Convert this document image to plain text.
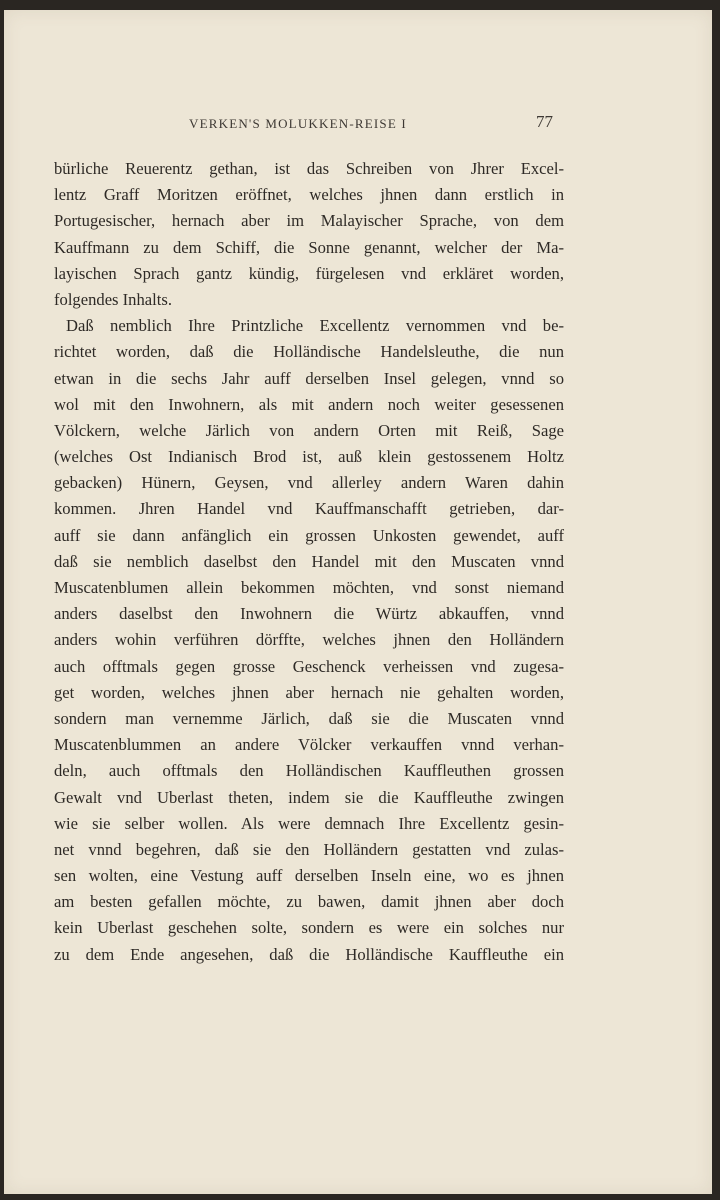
VERKEN'S MOLUKKEN-REISE I	77
bürliche Reuerentz gethan, ist das Schreiben von Jhrer Excel-
lentz Graff Moritzen eröffnet, welches jhnen dann erstlich in
Portugesischer, hernach aber im Malayischer Sprache, von dem
Kauffmann zu dem Schiff, die Sonne genannt, welcher der Ma-
layischen Sprach gantz kündig, fürgelesen vnd erkläret worden,
folgendes Inhalts.
Daß nemblich Ihre Printzliche Excellentz vernommen vnd be-
richtet worden, daß die Holländische Handelsleuthe, die nun
etwan in die sechs Jahr auff derselben Insel gelegen, vnnd so
wol mit den Inwohnern, als mit andern noch weiter gesessenen
Völckern, welche Järlich von andern Orten mit Reiß, Sage
(welches Ost Indianisch Brod ist, auß klein gestossenem Holtz
gebacken) Hünern, Geysen, vnd allerley andern Waren dahin
kommen. Jhren Handel vnd Kauffmanschafft getrieben, dar-
auff sie dann anfänglich ein grossen Unkosten gewendet, auff
daß sie nemblich daselbst den Handel mit den Muscaten vnnd
Muscatenblumen allein bekommen möchten, vnd sonst niemand
anders daselbst den Inwohnern die Würtz abkauffen, vnnd
anders wohin verführen dörffte, welches jhnen den Holländern
auch offtmals gegen grosse Geschenck verheissen vnd zugesa-
get worden, welches jhnen aber hernach nie gehalten worden,
sondern man vernemme Järlich, daß sie die Muscaten vnnd
Muscatenblummen an andere Völcker verkauffen vnnd verhan-
deln, auch offtmals den Holländischen Kauffleuthen grossen
Gewalt vnd Uberlast theten, indem sie die Kauffleuthe zwingen
wie sie selber wollen. Als were demnach Ihre Excellentz gesin-
net vnnd begehren, daß sie den Holländern gestatten vnd zulas-
sen wolten, eine Vestung auff derselben Inseln eine, wo es jhnen
am besten gefallen möchte, zu bawen, damit jhnen aber doch
kein Uberlast geschehen solte, sondern es were ein solches nur
zu dem Ende angesehen, daß die Holländische Kauffleuthe ein
